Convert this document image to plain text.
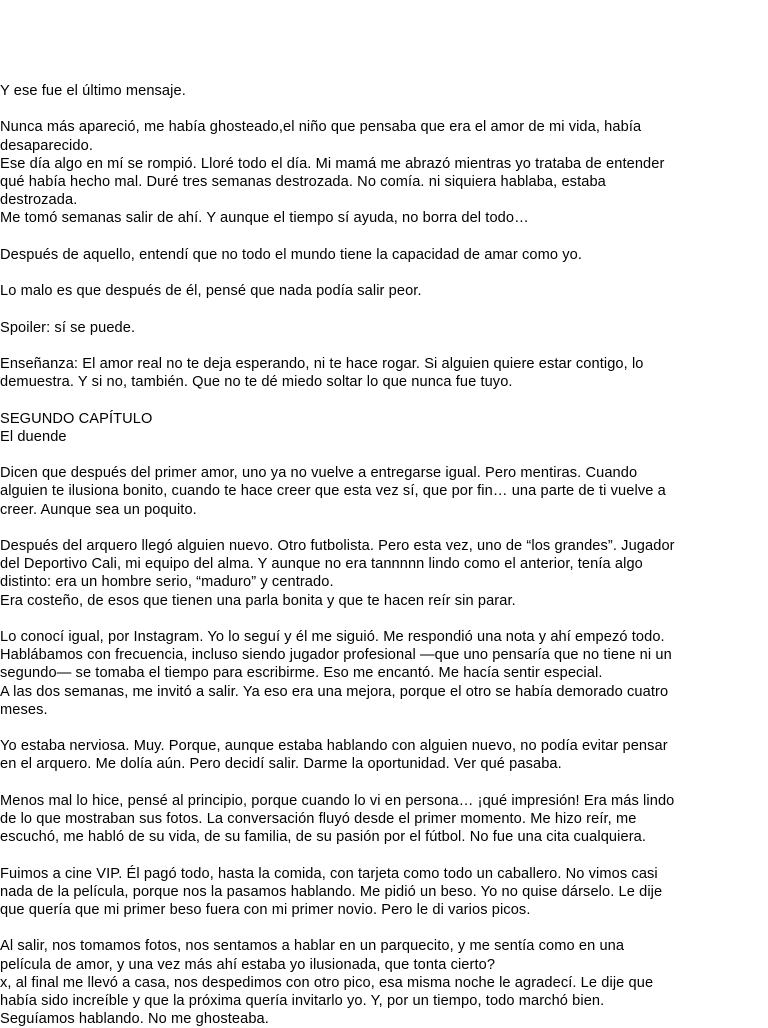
Y ese fue el último mensaje.

Nunca más apareció, me había ghosteado,el niño que pensaba que era el amor de mi vida, había

desaparecido.

Ese día algo en mí se rompió. Lloré todo el día. Mi mamá me abrazó mientras yo trataba de entender

qué había hecho mal. Duré tres semanas destrozada. No comía. ni siquiera hablaba, estaba

destrozada.

Me tomó semanas salir de ahí. Y aunque el tiempo sí ayuda, no borra del todo…

Después de aquello, entendí que no todo el mundo tiene la capacidad de amar como yo.

Lo malo es que después de él, pensé que nada podía salir peor.

Spoiler: sí se puede.

Enseñanza: El amor real no te deja esperando, ni te hace rogar. Si alguien quiere estar contigo, lo

demuestra. Y si no, también. Que no te dé miedo soltar lo que nunca fue tuyo.

SEGUNDO CAPÍTULO

El duende

Dicen que después del primer amor, uno ya no vuelve a entregarse igual. Pero mentiras. Cuando

alguien te ilusiona bonito, cuando te hace creer que esta vez sí, que por fin… una parte de ti vuelve a

creer. Aunque sea un poquito.

Después del arquero llegó alguien nuevo. Otro futbolista. Pero esta vez, uno de “los grandes”. Jugador

del Deportivo Cali, mi equipo del alma. Y aunque no era tannnnn lindo como el anterior, tenía algo

distinto: era un hombre serio, “maduro” y centrado.

Era costeño, de esos que tienen una parla bonita y que te hacen reír sin parar.

Lo conocí igual, por Instagram. Yo lo seguí y él me siguió. Me respondió una nota y ahí empezó todo.

Hablábamos con frecuencia, incluso siendo jugador profesional —que uno pensaría que no tiene ni un

segundo— se tomaba el tiempo para escribirme. Eso me encantó. Me hacía sentir especial.

A las dos semanas, me invitó a salir. Ya eso era una mejora, porque el otro se había demorado cuatro

meses.

Yo estaba nerviosa. Muy. Porque, aunque estaba hablando con alguien nuevo, no podía evitar pensar

en el arquero. Me dolía aún. Pero decidí salir. Darme la oportunidad. Ver qué pasaba.

Menos mal lo hice, pensé al principio, porque cuando lo vi en persona… ¡qué impresión! Era más lindo

de lo que mostraban sus fotos. La conversación fluyó desde el primer momento. Me hizo reír, me

escuchó, me habló de su vida, de su familia, de su pasión por el fútbol. No fue una cita cualquiera.

Fuimos a cine VIP. Él pagó todo, hasta la comida, con tarjeta como todo un caballero. No vimos casi

nada de la película, porque nos la pasamos hablando. Me pidió un beso. Yo no quise dárselo. Le dije

que quería que mi primer beso fuera con mi primer novio. Pero le di varios picos.

Al salir, nos tomamos fotos, nos sentamos a hablar en un parquecito, y me sentía como en una

película de amor, y una vez más ahí estaba yo ilusionada, que tonta cierto?

x, al final me llevó a casa, nos despedimos con otro pico, esa misma noche le agradecí. Le dije que

había sido increíble y que la próxima quería invitarlo yo. Y, por un tiempo, todo marchó bien.

Seguíamos hablando. No me ghosteaba.
